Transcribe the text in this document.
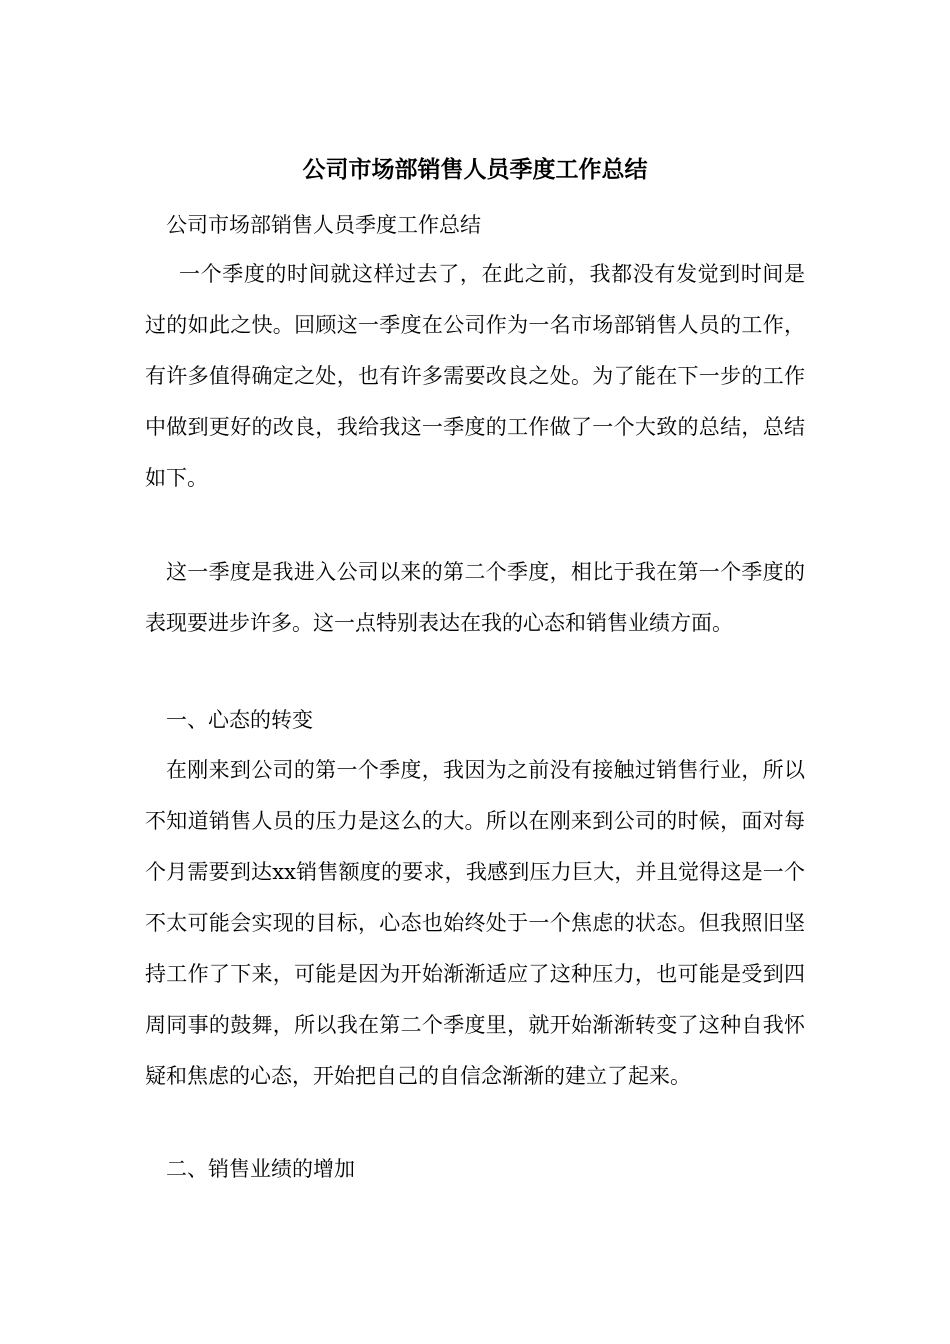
公司市场部销售人员季度工作总结

公司市场部销售人员季度工作总结

一个季度的时间就这样过去了，在此之前，我都没有发觉到时间是过的如此之快。回顾这一季度在公司作为一名市场部销售人员的工作，有许多值得确定之处，也有许多需要改良之处。为了能在下一步的工作中做到更好的改良，我给我这一季度的工作做了一个大致的总结，总结如下。

这一季度是我进入公司以来的第二个季度，相比于我在第一个季度的表现要进步许多。这一点特别表达在我的心态和销售业绩方面。

一、心态的转变

在刚来到公司的第一个季度，我因为之前没有接触过销售行业，所以不知道销售人员的压力是这么的大。所以在刚来到公司的时候，面对每个月需要到达xx销售额度的要求，我感到压力巨大，并且觉得这是一个不太可能会实现的目标，心态也始终处于一个焦虑的状态。但我照旧坚持工作了下来，可能是因为开始渐渐适应了这种压力，也可能是受到四周同事的鼓舞，所以我在第二个季度里，就开始渐渐转变了这种自我怀疑和焦虑的心态，开始把自己的自信念渐渐的建立了起来。

二、销售业绩的增加
